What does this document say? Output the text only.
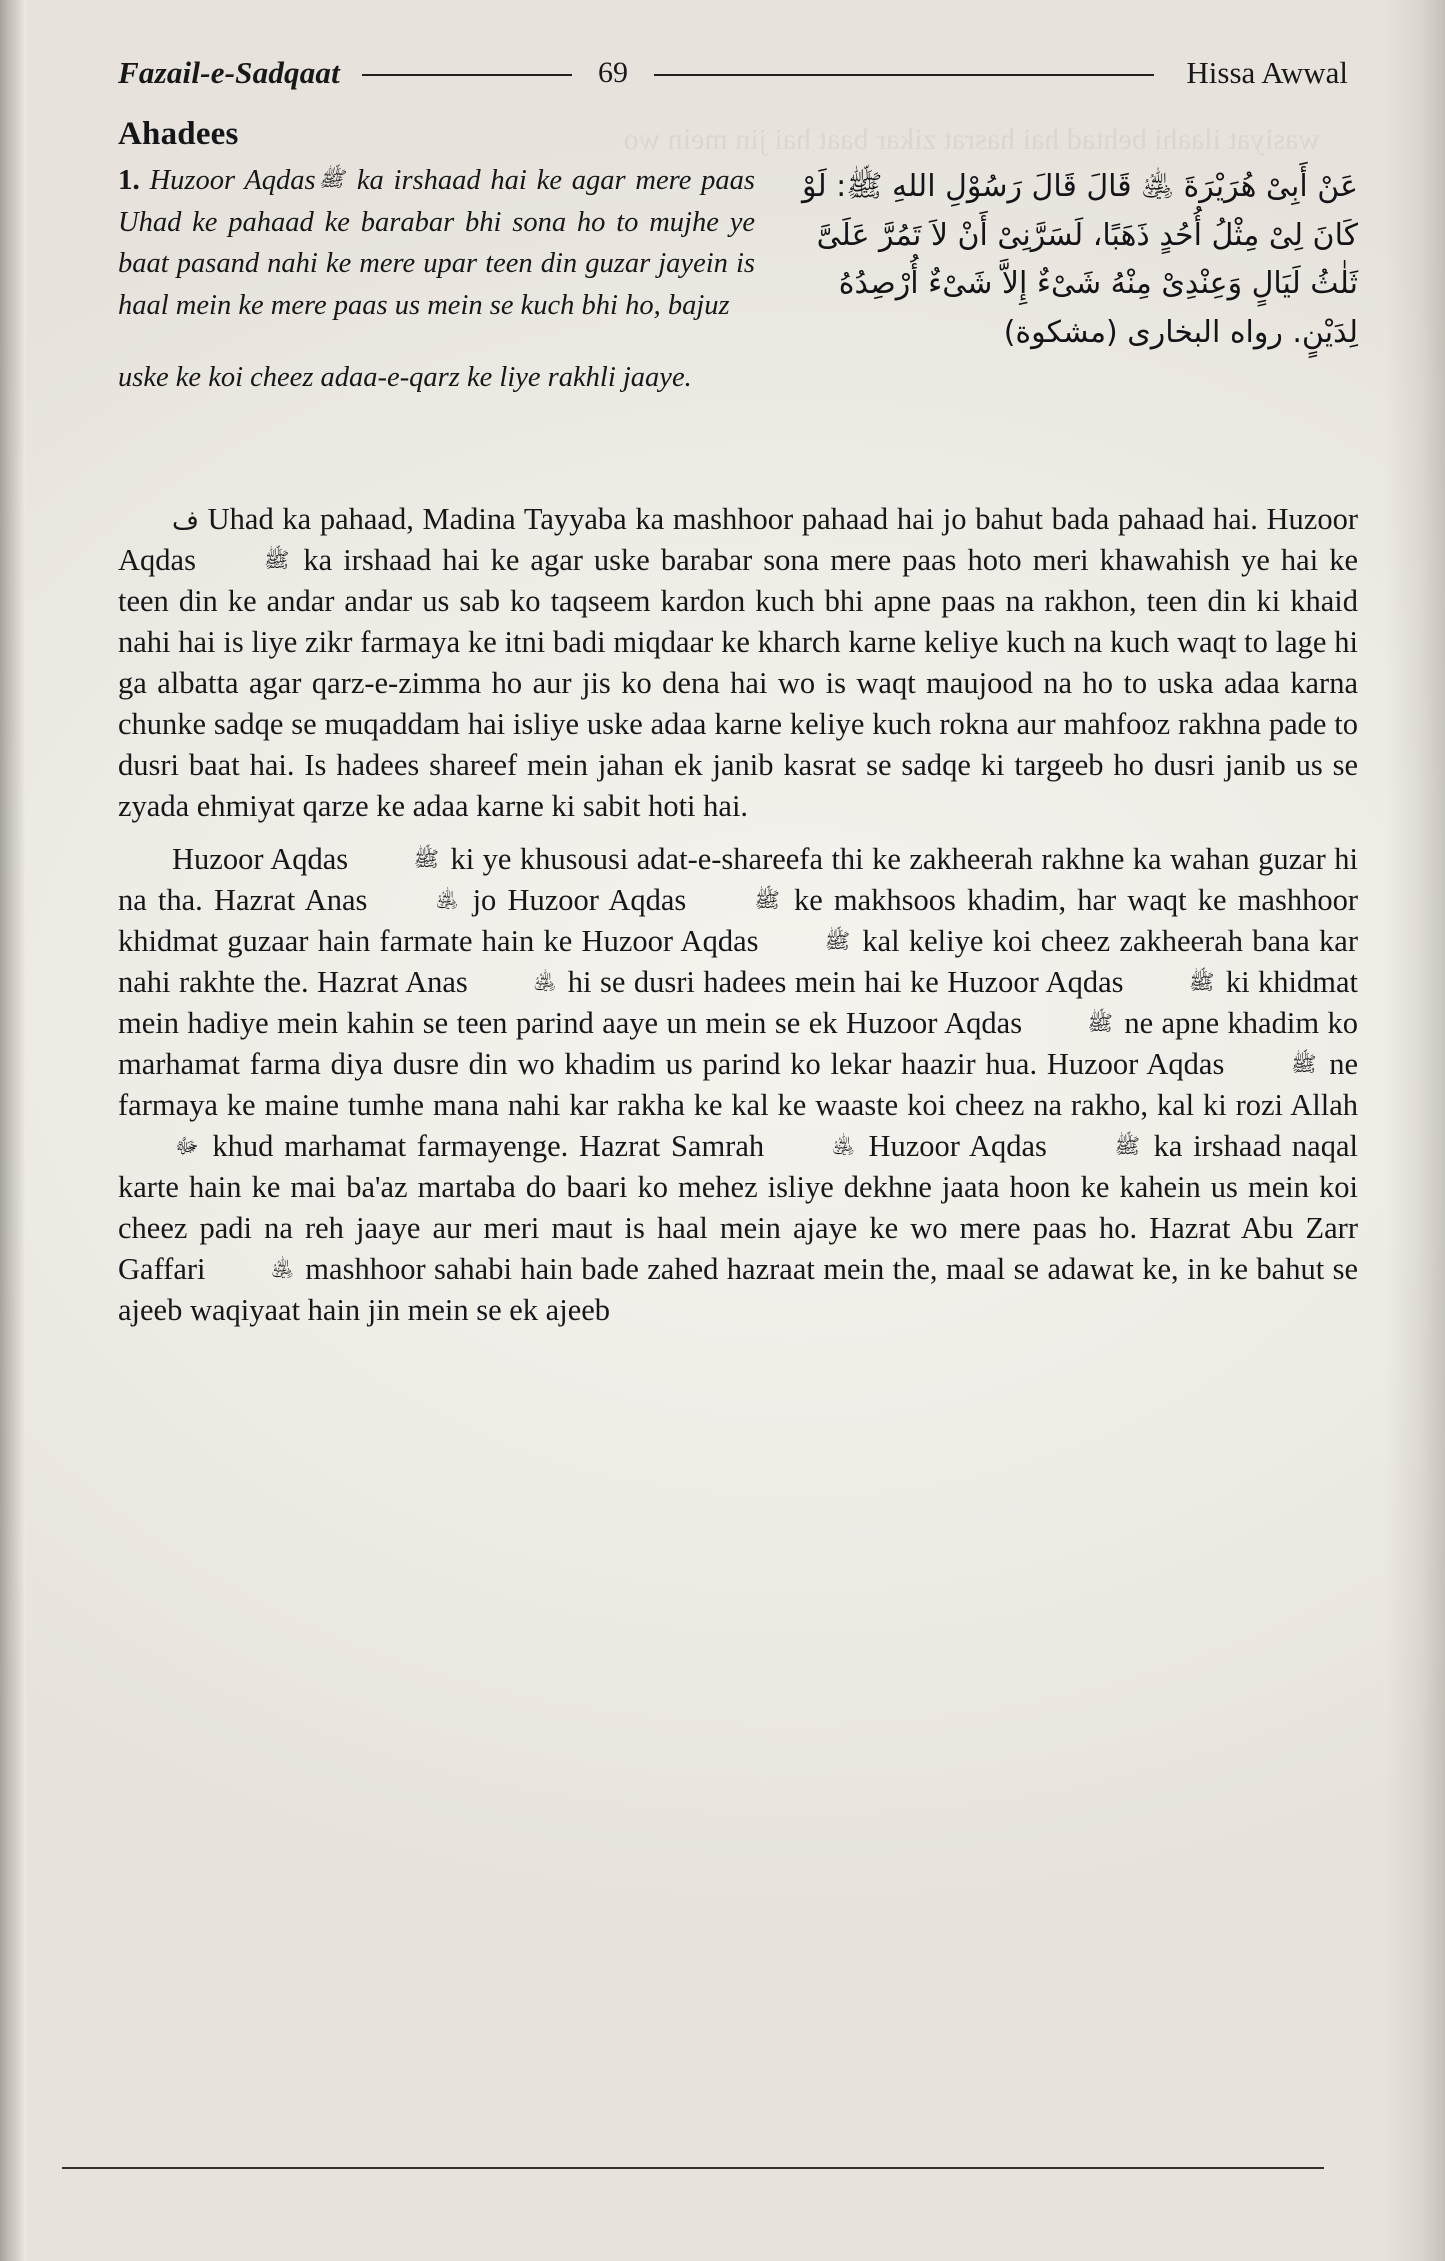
wasiyat ilaahi behtad hai hasrat zikar baat hai jin mein wo
Fazail-e-Sadqaat	69	Hissa Awwal
Ahadees
عَنْ أَبِىْ هُرَيْرَةَ ﵁ قَالَ قَالَ رَسُوْلِ اللهِ ﷺ: لَوْ كَانَ لِىْ مِثْلُ أُحُدٍ ذَهَبًا، لَسَرَّنِىْ أَنْ لاَ تَمُرَّ عَلَىَّ ثَلٰثُ لَيَالٍ وَعِنْدِىْ مِنْهُ شَىْءٌ إِلاَّ شَىْءٌ أُرْصِدُهُ لِدَيْنٍ. رواه البخارى (مشكوة)
1. Huzoor Aqdas ﷺ ka irshaad hai ke agar mere paas Uhad ke pahaad ke barabar bhi sona ho to mujhe ye baat pasand nahi ke mere upar teen din guzar jayein is haal mein ke mere paas us mein se kuch bhi ho, bajuz
uske ke koi cheez adaa-e-qarz ke liye rakhli jaaye.

ف Uhad ka pahaad, Madina Tayyaba ka mashhoor pahaad hai jo bahut bada pahaad hai. Huzoor Aqdas	ﷺ ka irshaad hai ke agar uske barabar sona mere paas hoto meri khawahish ye hai ke teen din ke andar andar us sab ko taqseem kardon kuch bhi apne paas na rakhon, teen din ki khaid nahi hai is liye zikr farmaya ke itni badi miqdaar ke kharch karne keliye kuch na kuch waqt to lage hi ga albatta agar qarz-e-zimma ho aur jis ko dena hai wo is waqt maujood na ho to uska adaa karna chunke sadqe se muqaddam hai isliye uske adaa karne keliye kuch rokna aur mahfooz rakhna pade to dusri baat hai. Is hadees shareef mein jahan ek janib kasrat se sadqe ki targeeb ho dusri janib us se zyada ehmiyat qarze ke adaa karne ki sabit hoti hai.

Huzoor Aqdas	ﷺ ki ye khusousi adat-e-shareefa thi ke zakheerah rakhne ka wahan guzar hi na tha. Hazrat Anas	﵁ jo Huzoor Aqdas	ﷺ ke makhsoos khadim, har waqt ke mashhoor khidmat guzaar hain farmate hain ke Huzoor Aqdas	ﷺ kal keliye koi cheez zakheerah bana kar nahi rakhte the. Hazrat Anas	﵁ hi se dusri hadees mein hai ke Huzoor Aqdas	ﷺ ki khidmat mein hadiye mein kahin se teen parind aaye un mein se ek Huzoor Aqdas	ﷺ ne apne khadim ko marhamat farma diya dusre din wo khadim us parind ko lekar haazir hua. Huzoor Aqdas	ﷺ ne farmaya ke maine tumhe mana nahi kar rakha ke kal ke waaste koi cheez na rakho, kal ki rozi Allah ﷻ khud marhamat farmayenge. Hazrat Samrah	﵁ Huzoor Aqdas	ﷺ ka irshaad naqal karte hain ke mai ba'az martaba do baari ko mehez isliye dekhne jaata hoon ke kahein us mein koi cheez padi na reh jaaye aur meri maut is haal mein ajaye ke wo mere paas ho. Hazrat Abu Zarr Gaffari	﵁ mashhoor sahabi hain bade zahed hazraat mein the, maal se adawat ke, in ke bahut se ajeeb waqiyaat hain jin mein se ek ajeeb
